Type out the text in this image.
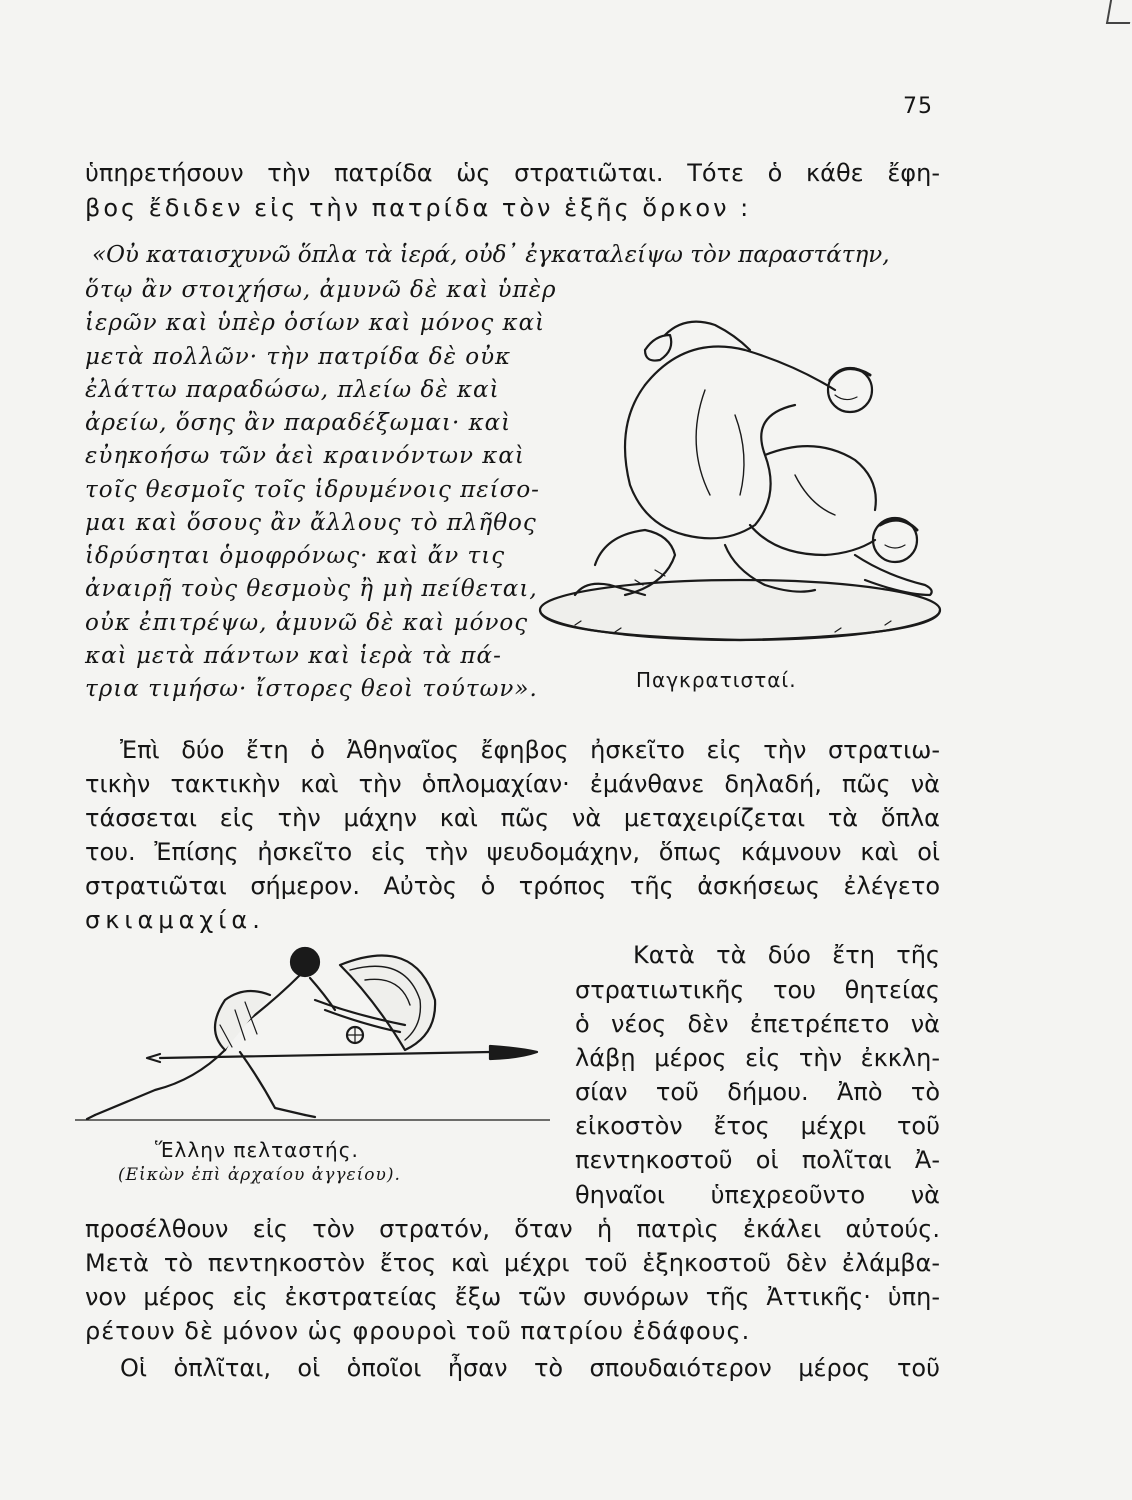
75
ὑπηρετήσουν τὴν πατρίδα ὡς στρατιῶται. Τότε ὁ κάθε ἔφη-
βος ἔδιδεν εἰς τὴν πατρίδα τὸν ἑξῆς ὅρκον :
«Οὐ καταισχυνῶ ὅπλα τὰ ἱερά, οὐδ᾽ ἐγκαταλείψω τὸν παραστάτην,
ὅτῳ ἂν στοιχήσω, ἀμυνῶ δὲ καὶ ὑπὲρ
ἱερῶν καὶ ὑπὲρ ὁσίων καὶ μόνος καὶ
μετὰ πολλῶν· τὴν πατρίδα δὲ οὐκ
ἐλάττω παραδώσω, πλείω δὲ καὶ
ἀρείω, ὅσης ἂν παραδέξωμαι· καὶ
εὐηκοήσω τῶν ἀεὶ κραινόντων καὶ
τοῖς θεσμοῖς τοῖς ἱδρυμένοις πείσο-
μαι καὶ ὅσους ἂν ἄλλους τὸ πλῆθος
ἱδρύσηται ὁμοφρόνως· καὶ ἄν τις
ἀναιρῇ τοὺς θεσμοὺς ἢ μὴ πείθεται,
οὐκ ἐπιτρέψω, ἀμυνῶ δὲ καὶ μόνος
καὶ μετὰ πάντων καὶ ἱερὰ τὰ πά-
τρια τιμήσω· ἴστορες θεοὶ τούτων».	Παγκρατισταί.
Ἐπὶ δύο ἔτη ὁ Ἀθηναῖος ἔφηβος ἠσκεῖτο εἰς τὴν στρατιω-
τικὴν τακτικὴν καὶ τὴν ὁπλομαχίαν· ἐμάνθανε δηλαδή, πῶς νὰ
τάσσεται εἰς τὴν μάχην καὶ πῶς νὰ μεταχειρίζεται τὰ ὅπλα
του. Ἐπίσης ἠσκεῖτο εἰς τὴν ψευδομάχην, ὅπως κάμνουν καὶ οἱ
στρατιῶται σήμερον. Αὐτὸς ὁ τρόπος τῆς ἀσκήσεως ἐλέγετο
σκιαμαχία.
Ἕλλην πελταστής.
(Εἰκὼν ἐπὶ ἀρχαίου ἀγγείου).
Κατὰ τὰ δύο ἔτη τῆς
στρατιωτικῆς του θητείας
ὁ νέος δὲν ἐπετρέπετο νὰ
λάβῃ μέρος εἰς τὴν ἐκκλη-
σίαν τοῦ δήμου. Ἀπὸ τὸ
εἰκοστὸν ἔτος μέχρι τοῦ
πεντηκοστοῦ οἱ πολῖται Ἀ-
θηναῖοι ὑπεχρεοῦντο νὰ
προσέλθουν εἰς τὸν στρατόν, ὅταν ἡ πατρὶς ἐκάλει αὐτούς.
Μετὰ τὸ πεντηκοστὸν ἔτος καὶ μέχρι τοῦ ἑξηκοστοῦ δὲν ἐλάμβα-
νον μέρος εἰς ἐκστρατείας ἔξω τῶν συνόρων τῆς Ἀττικῆς· ὑπη-
ρέτουν δὲ μόνον ὡς φρουροὶ τοῦ πατρίου ἐδάφους.
Οἱ ὁπλῖται, οἱ ὁποῖοι ἦσαν τὸ σπουδαιότερον μέρος τοῦ
